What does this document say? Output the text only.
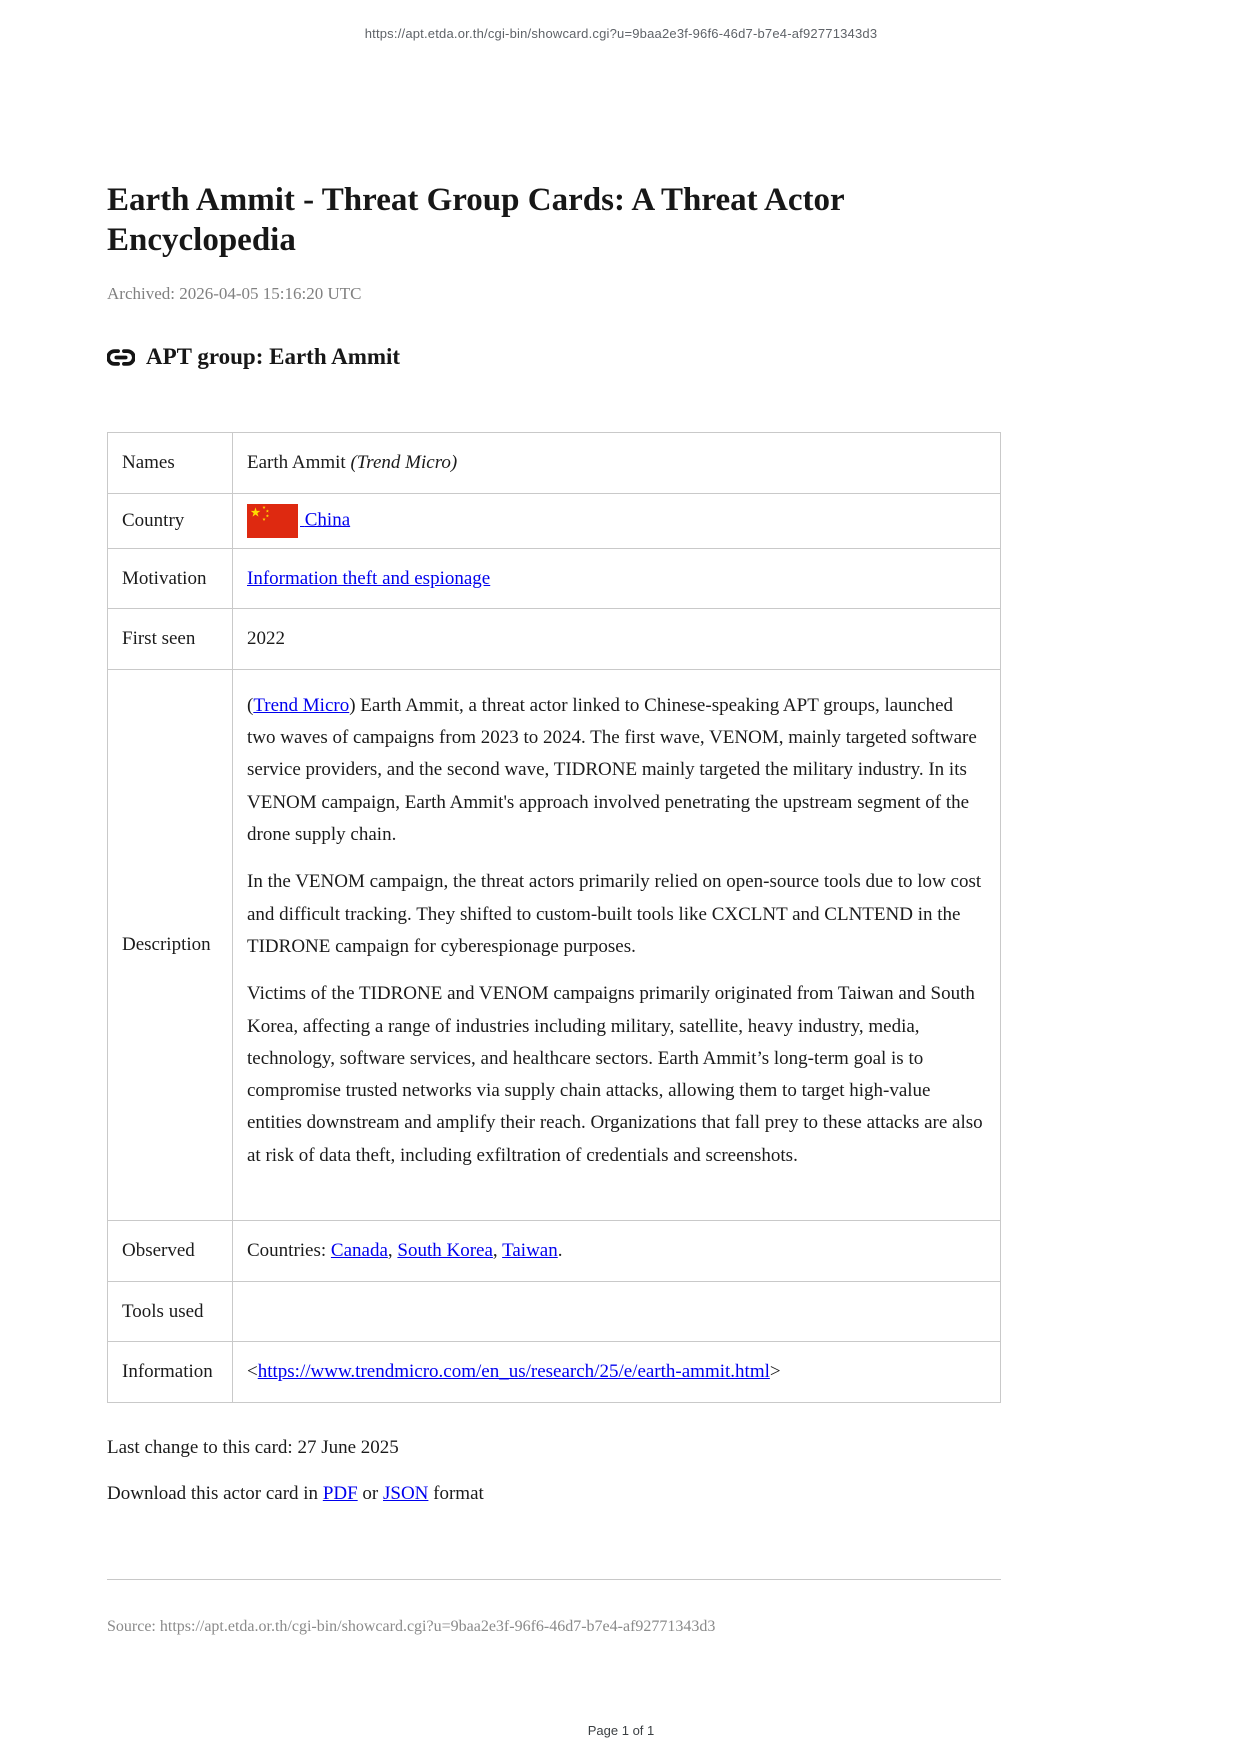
https://apt.etda.or.th/cgi-bin/showcard.cgi?u=9baa2e3f-96f6-46d7-b7e4-af92771343d3
Earth Ammit - Threat Group Cards: A Threat Actor Encyclopedia
Archived: 2026-04-05 15:16:20 UTC
APT group: Earth Ammit
Names	Earth Ammit (Trend Micro)
Country	China
Motivation	Information theft and espionage
First seen	2022
Description	(Trend Micro) Earth Ammit, a threat actor linked to Chinese-speaking APT groups, launched two waves of campaigns from 2023 to 2024. The first wave, VENOM, mainly targeted software service providers, and the second wave, TIDRONE mainly targeted the military industry. In its VENOM campaign, Earth Ammit's approach involved penetrating the upstream segment of the drone supply chain.

In the VENOM campaign, the threat actors primarily relied on open-source tools due to low cost and difficult tracking. They shifted to custom-built tools like CXCLNT and CLNTEND in the TIDRONE campaign for cyberespionage purposes.

Victims of the TIDRONE and VENOM campaigns primarily originated from Taiwan and South Korea, affecting a range of industries including military, satellite, heavy industry, media, technology, software services, and healthcare sectors. Earth Ammit’s long-term goal is to compromise trusted networks via supply chain attacks, allowing them to target high-value entities downstream and amplify their reach. Organizations that fall prey to these attacks are also at risk of data theft, including exfiltration of credentials and screenshots.

Observed	Countries: Canada, South Korea, Taiwan.
Tools used	
Information	<https://www.trendmicro.com/en_us/research/25/e/earth-ammit.html>
Last change to this card: 27 June 2025
Download this actor card in PDF or JSON format
Source: https://apt.etda.or.th/cgi-bin/showcard.cgi?u=9baa2e3f-96f6-46d7-b7e4-af92771343d3
Page 1 of 1
